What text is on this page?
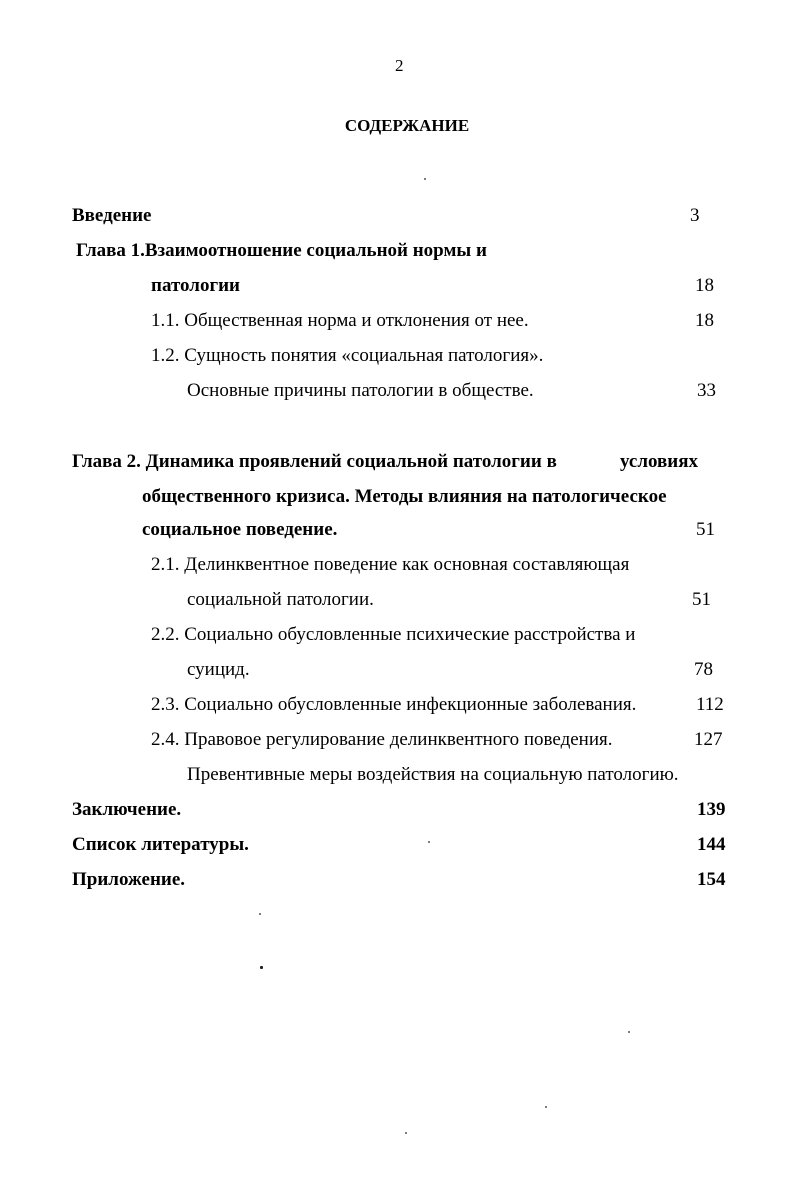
2
СОДЕРЖАНИЕ
Введение	3
Глава 1.Взаимоотношение социальной нормы и
патологии	18
1.1. Общественная норма и отклонения от нее.	18
1.2. Сущность понятия «социальная патология».
Основные причины патологии в обществе.	33
Глава 2. Динамика проявлений социальной патологии в	условиях
общественного кризиса. Методы влияния на патологическое
социальное поведение.	51
2.1. Делинквентное поведение как основная составляющая
социальной патологии.	51
2.2. Социально обусловленные психические расстройства и
суицид.	78
2.3. Социально обусловленные инфекционные заболевания.	112
2.4. Правовое регулирование делинквентного поведения.	127
Превентивные меры воздействия на социальную патологию.
Заключение.	139
Список литературы.	144
Приложение.	154
